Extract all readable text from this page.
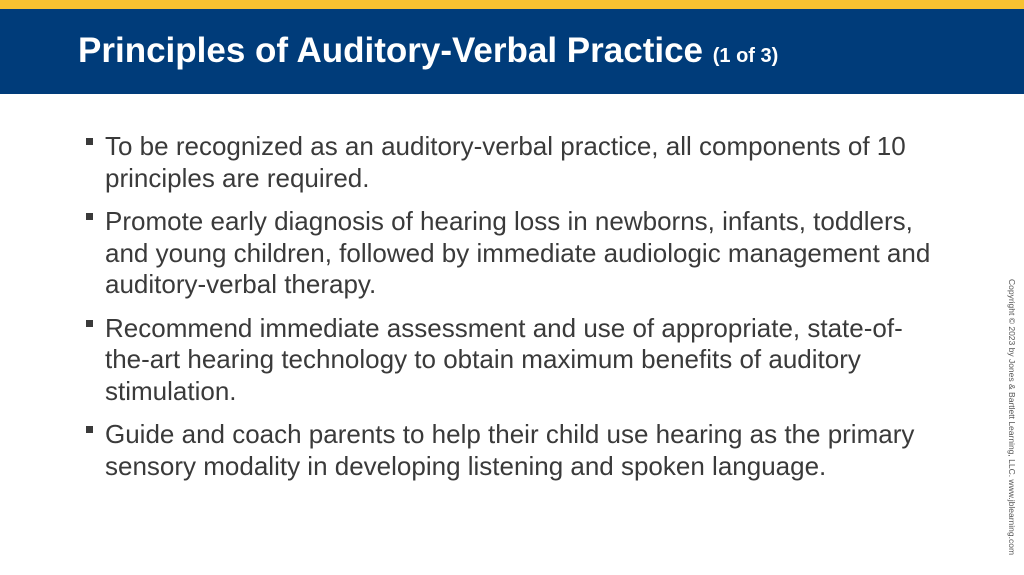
Principles of Auditory-Verbal Practice (1 of 3)
To be recognized as an auditory-verbal practice, all components of 10 principles are required.
Promote early diagnosis of hearing loss in newborns, infants, toddlers, and young children, followed by immediate audiologic management and auditory-verbal therapy.
Recommend immediate assessment and use of appropriate, state-of-the-art hearing technology to obtain maximum benefits of auditory stimulation.
Guide and coach parents to help their child use hearing as the primary sensory modality in developing listening and spoken language.	Copyright © 2023 by Jones & Bartlett Learning, LLC. www.jblearning.com
